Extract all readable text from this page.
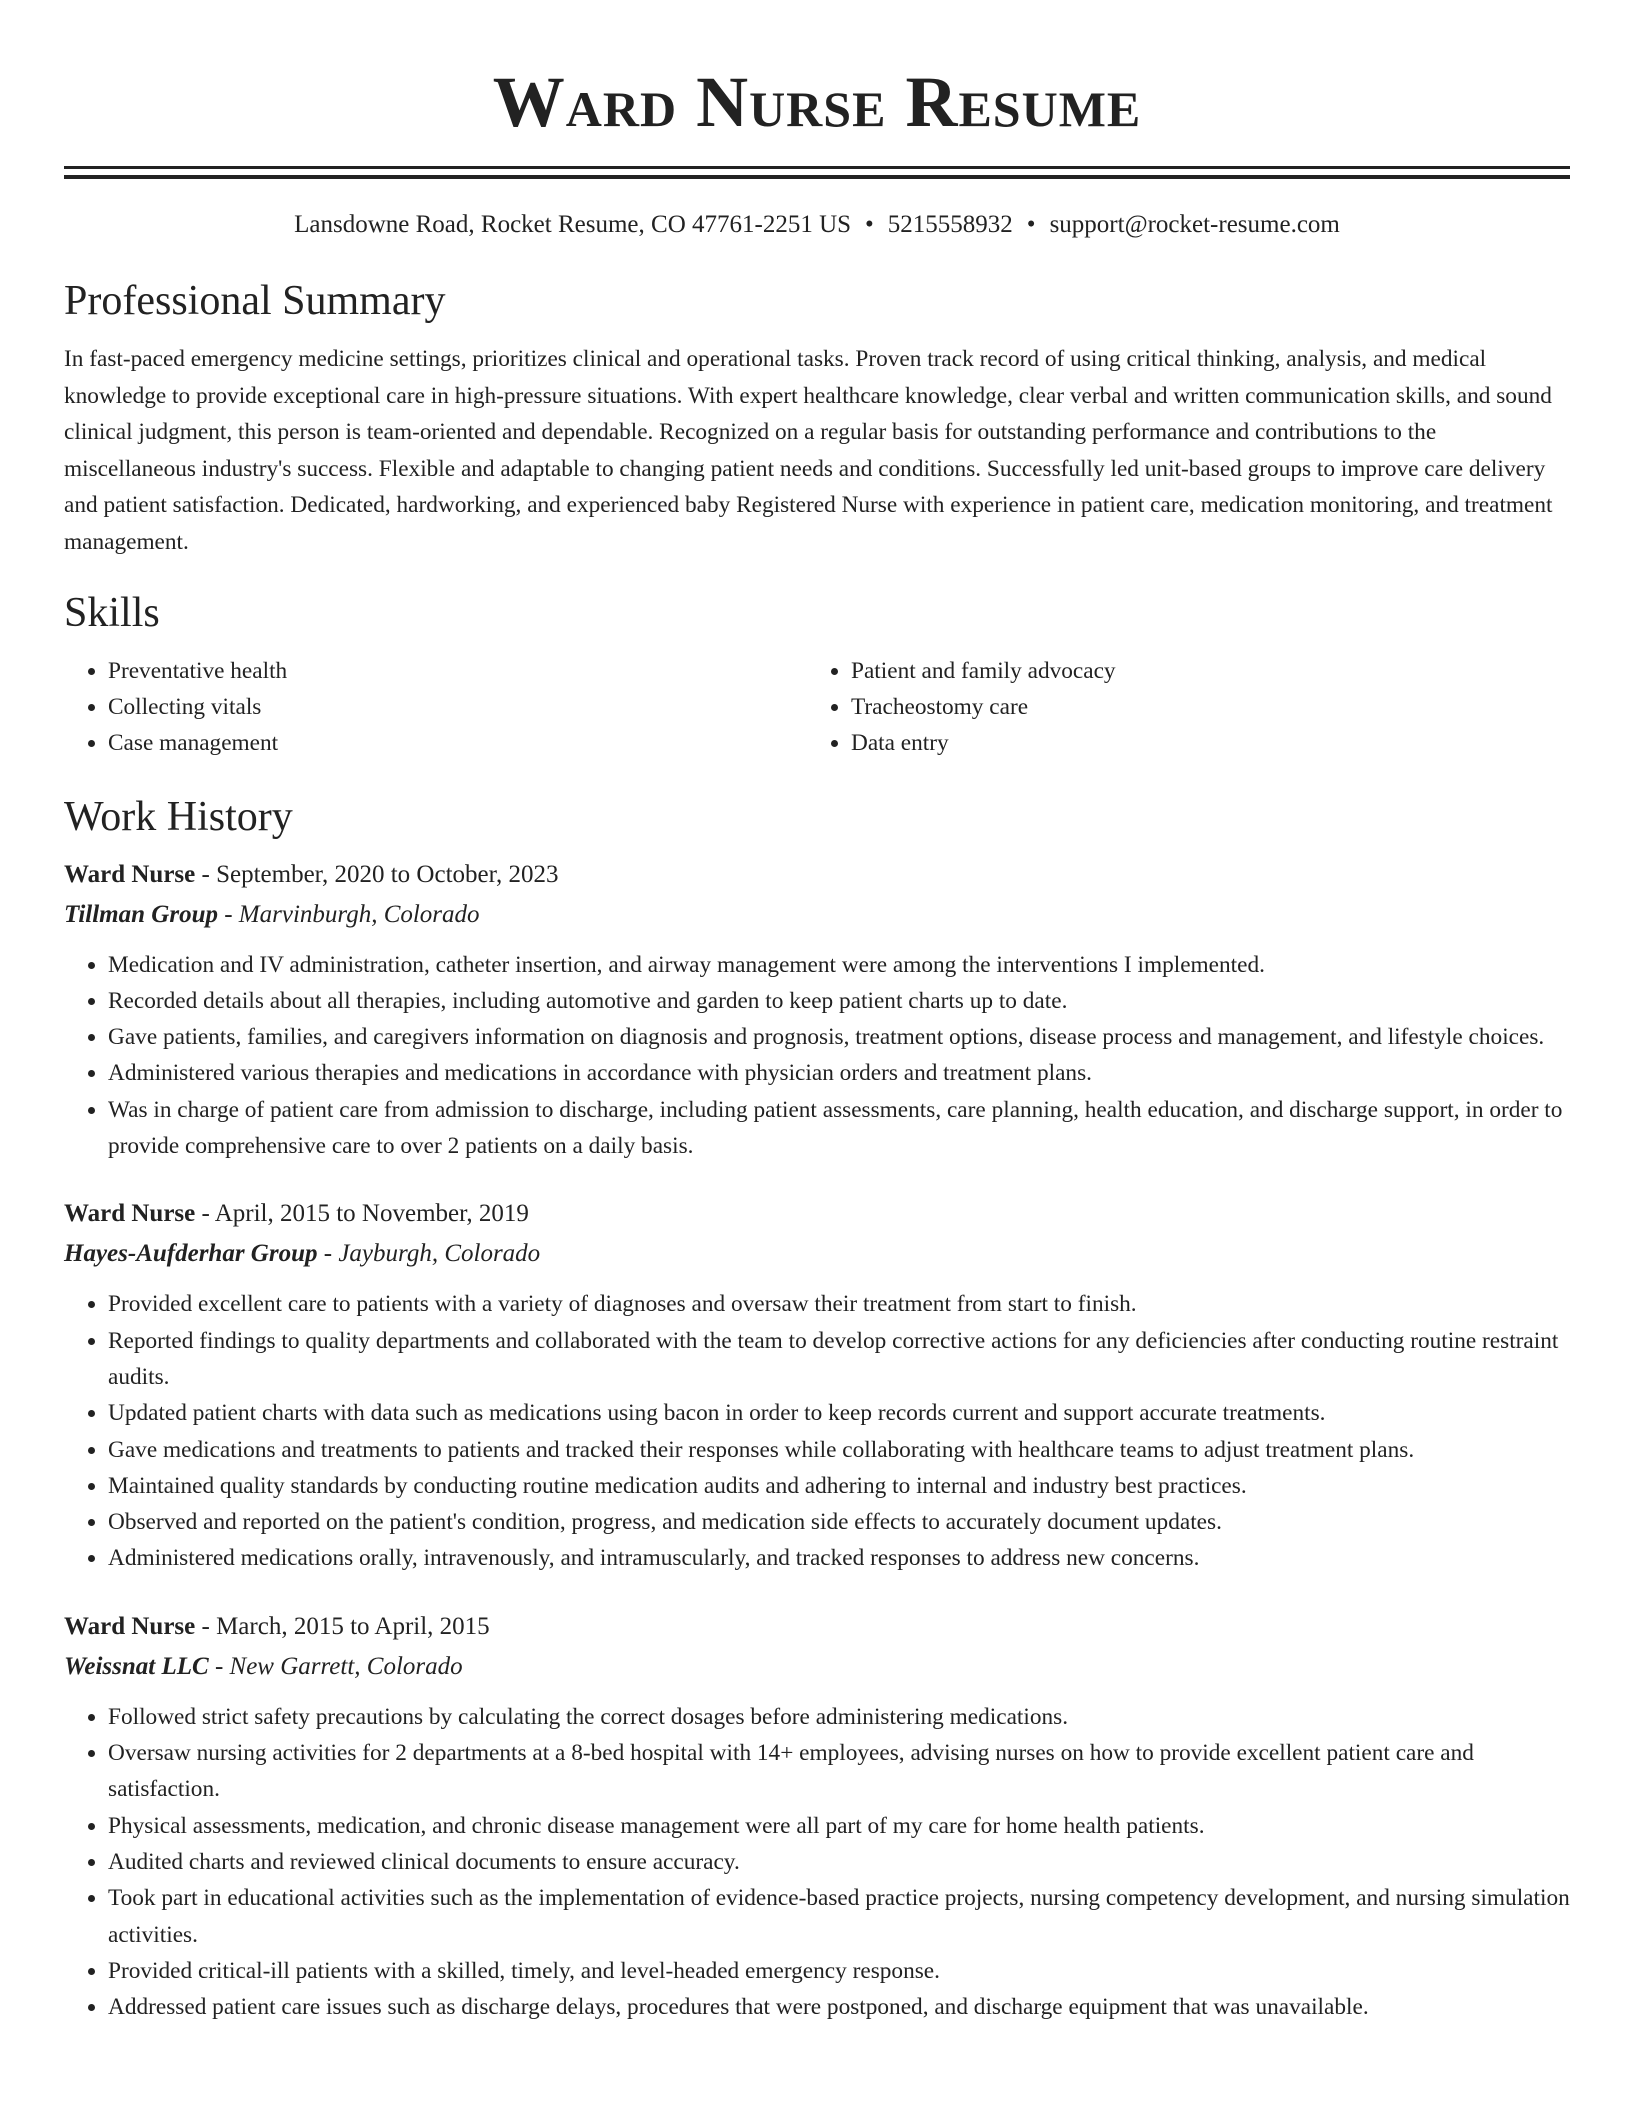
Ward Nurse Resume
Lansdowne Road, Rocket Resume, CO 47761-2251 US • 5215558932 • support@rocket-resume.com
Professional Summary

In fast-paced emergency medicine settings, prioritizes clinical and operational tasks. Proven track record of using critical thinking, analysis, and medical knowledge to provide exceptional care in high-pressure situations. With expert healthcare knowledge, clear verbal and written communication skills, and sound clinical judgment, this person is team-oriented and dependable. Recognized on a regular basis for outstanding performance and contributions to the miscellaneous industry's success. Flexible and adaptable to changing patient needs and conditions. Successfully led unit-based groups to improve care delivery and patient satisfaction. Dedicated, hardworking, and experienced baby Registered Nurse with experience in patient care, medication monitoring, and treatment management.

Skills
• Preventative health
• Collecting vitals
• Case management
• Patient and family advocacy
• Tracheostomy care
• Data entry
Work History
Ward Nurse - September, 2020 to October, 2023
Tillman Group - Marvinburgh, Colorado
• Medication and IV administration, catheter insertion, and airway management were among the interventions I implemented.
• Recorded details about all therapies, including automotive and garden to keep patient charts up to date.
• Gave patients, families, and caregivers information on diagnosis and prognosis, treatment options, disease process and management, and lifestyle choices.
• Administered various therapies and medications in accordance with physician orders and treatment plans.
• Was in charge of patient care from admission to discharge, including patient assessments, care planning, health education, and discharge support, in order to provide comprehensive care to over 2 patients on a daily basis.
Ward Nurse - April, 2015 to November, 2019
Hayes-Aufderhar Group - Jayburgh, Colorado
• Provided excellent care to patients with a variety of diagnoses and oversaw their treatment from start to finish.
• Reported findings to quality departments and collaborated with the team to develop corrective actions for any deficiencies after conducting routine restraint audits.
• Updated patient charts with data such as medications using bacon in order to keep records current and support accurate treatments.
• Gave medications and treatments to patients and tracked their responses while collaborating with healthcare teams to adjust treatment plans.
• Maintained quality standards by conducting routine medication audits and adhering to internal and industry best practices.
• Observed and reported on the patient's condition, progress, and medication side effects to accurately document updates.
• Administered medications orally, intravenously, and intramuscularly, and tracked responses to address new concerns.
Ward Nurse - March, 2015 to April, 2015
Weissnat LLC - New Garrett, Colorado
• Followed strict safety precautions by calculating the correct dosages before administering medications.
• Oversaw nursing activities for 2 departments at a 8-bed hospital with 14+ employees, advising nurses on how to provide excellent patient care and satisfaction.
• Physical assessments, medication, and chronic disease management were all part of my care for home health patients.
• Audited charts and reviewed clinical documents to ensure accuracy.
• Took part in educational activities such as the implementation of evidence-based practice projects, nursing competency development, and nursing simulation activities.
• Provided critical-ill patients with a skilled, timely, and level-headed emergency response.
• Addressed patient care issues such as discharge delays, procedures that were postponed, and discharge equipment that was unavailable.
